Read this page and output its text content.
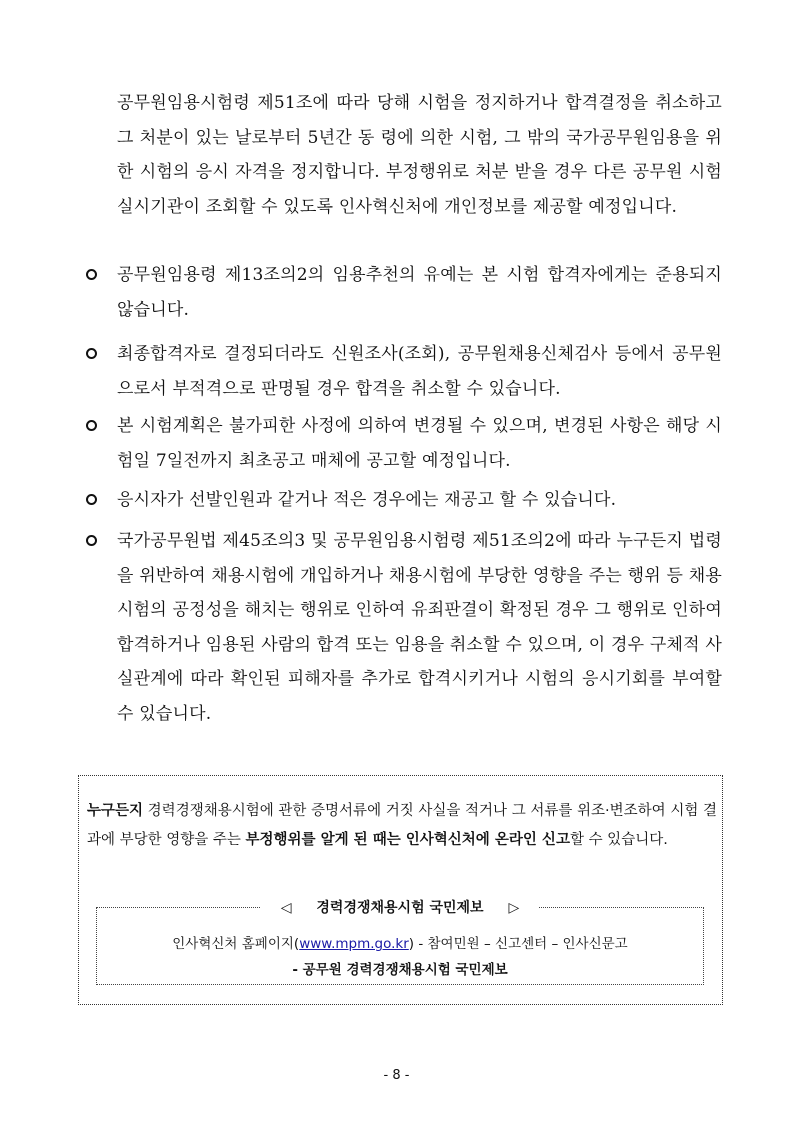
공무원임용시험령 제51조에 따라 당해 시험을 정지하거나 합격결정을 취소하고 그 처분이 있는 날로부터 5년간 동 령에 의한 시험, 그 밖의 국가공무원임용을 위한 시험의 응시 자격을 정지합니다. 부정행위로 처분 받을 경우 다른 공무원 시험 실시기관이 조회할 수 있도록 인사혁신처에 개인정보를 제공할 예정입니다.
공무원임용령 제13조의2의 임용추천의 유예는 본 시험 합격자에게는 준용되지 않습니다.
최종합격자로 결정되더라도 신원조사(조회), 공무원채용신체검사 등에서 공무원으로서 부적격으로 판명될 경우 합격을 취소할 수 있습니다.
본 시험계획은 불가피한 사정에 의하여 변경될 수 있으며, 변경된 사항은 해당 시험일 7일전까지 최초공고 매체에 공고할 예정입니다.
응시자가 선발인원과 같거나 적은 경우에는 재공고 할 수 있습니다.
국가공무원법 제45조의3 및 공무원임용시험령 제51조의2에 따라 누구든지 법령을 위반하여 채용시험에 개입하거나 채용시험에 부당한 영향을 주는 행위 등 채용시험의 공정성을 해치는 행위로 인하여 유죄판결이 확정된 경우 그 행위로 인하여 합격하거나 임용된 사람의 합격 또는 임용을 취소할 수 있으며, 이 경우 구체적 사실관계에 따라 확인된 피해자를 추가로 합격시키거나 시험의 응시기회를 부여할 수 있습니다.
누구든지 경력경쟁채용시험에 관한 증명서류에 거짓 사실을 적거나 그 서류를 위조·변조하여 시험 결과에 부당한 영향을 주는 부정행위를 알게 된 때는 인사혁신처에 온라인 신고할 수 있습니다.
◁ 경력경쟁채용시험 국민제보 ▷
인사혁신처 홈페이지(www.mpm.go.kr) - 참여민원 – 신고센터 – 인사신문고
- 공무원 경력경쟁채용시험 국민제보
- 8 -
